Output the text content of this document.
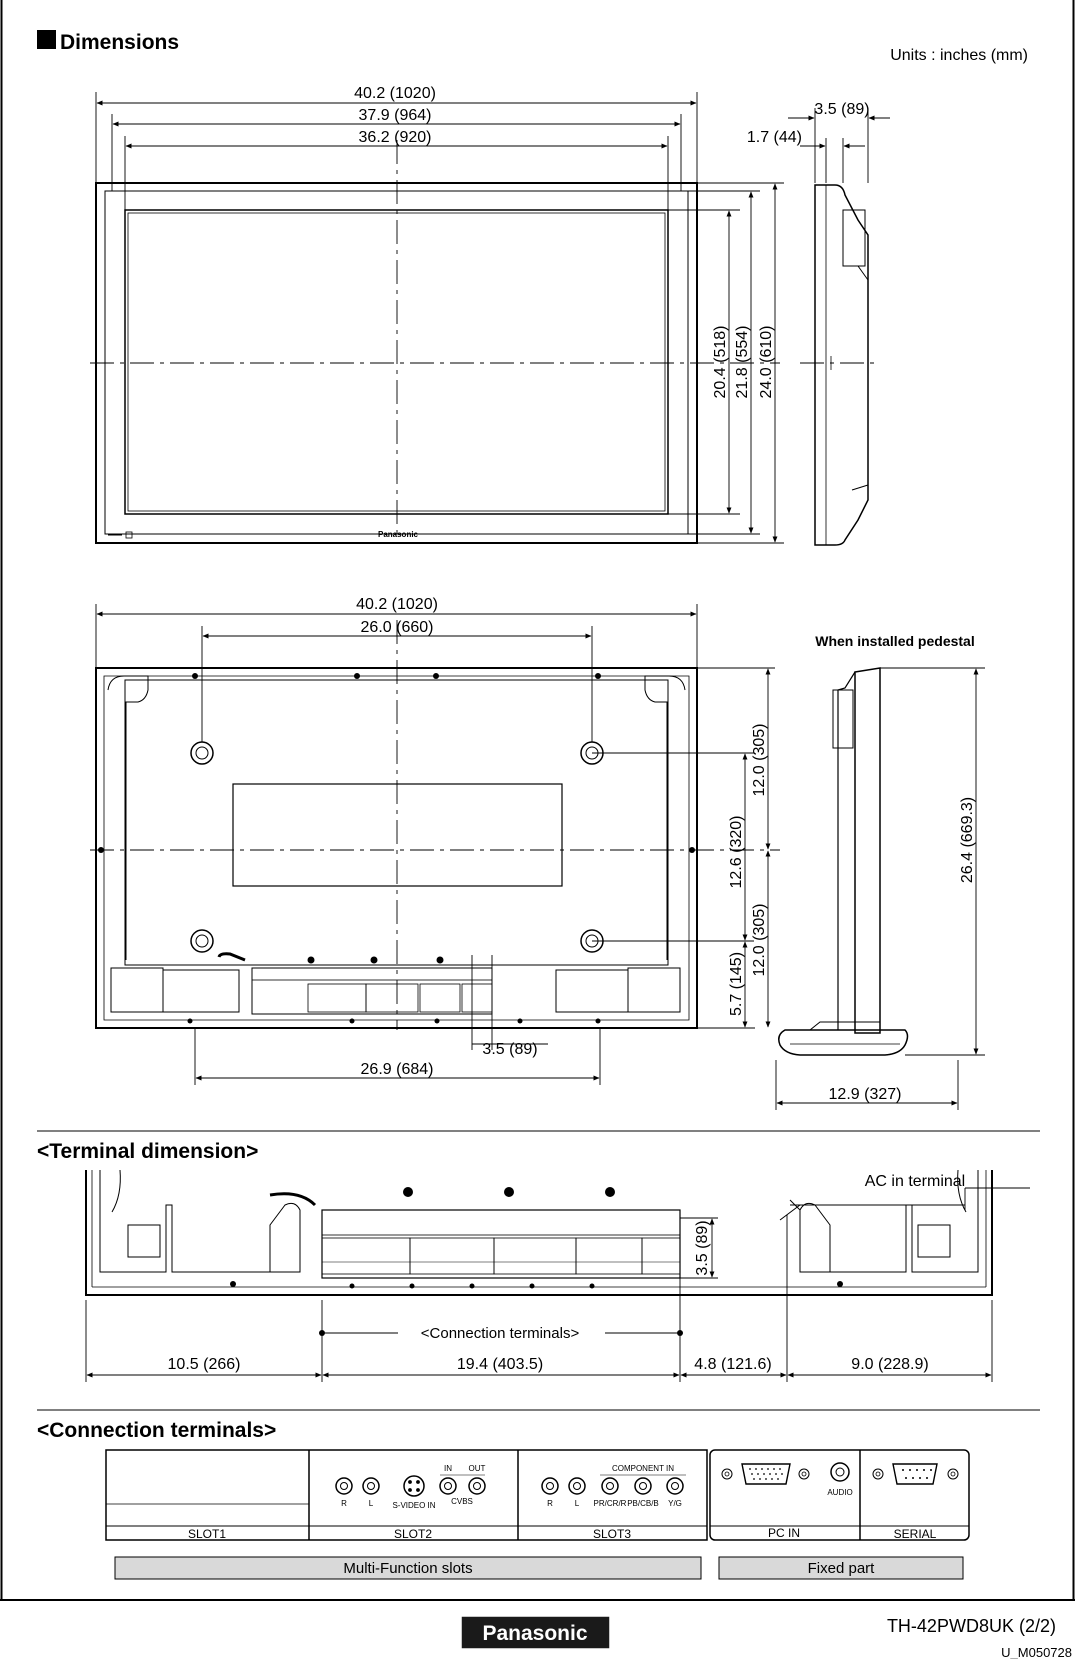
Dimensions
Units : inches (mm)
Panasonic
40.2 (1020)
37.9 (964)
36.2 (920)
20.4 (518) 21.8 (554) 24.0 (610)
3.5 (89)
1.7 (44)
40.2 (1020)
26.0 (660)
26.9 (684)
12.0 (305)
12.6 (320)
12.0 (305)
5.7 (145)
3.5 (89)
When installed pedestal
26.4 (669.3)
12.9 (327)
<Terminal dimension>
AC in terminal
<Connection terminals>
3.5 (89)
10.5 (266)	19.4 (403.5)	4.8 (121.6)	9.0 (228.9)
<Connection terminals>
R	L S-VIDEO IN
IN OUT
CVBS	R	L
COMPONENT IN
PR/CR/R PB/CB/B Y/G
AUDIO
SLOT1	SLOT2	SLOT3	PC IN	SERIAL
Multi-Function slots	Fixed part
Panasonic	TH-42PWD8UK (2/2)
U_M050728
